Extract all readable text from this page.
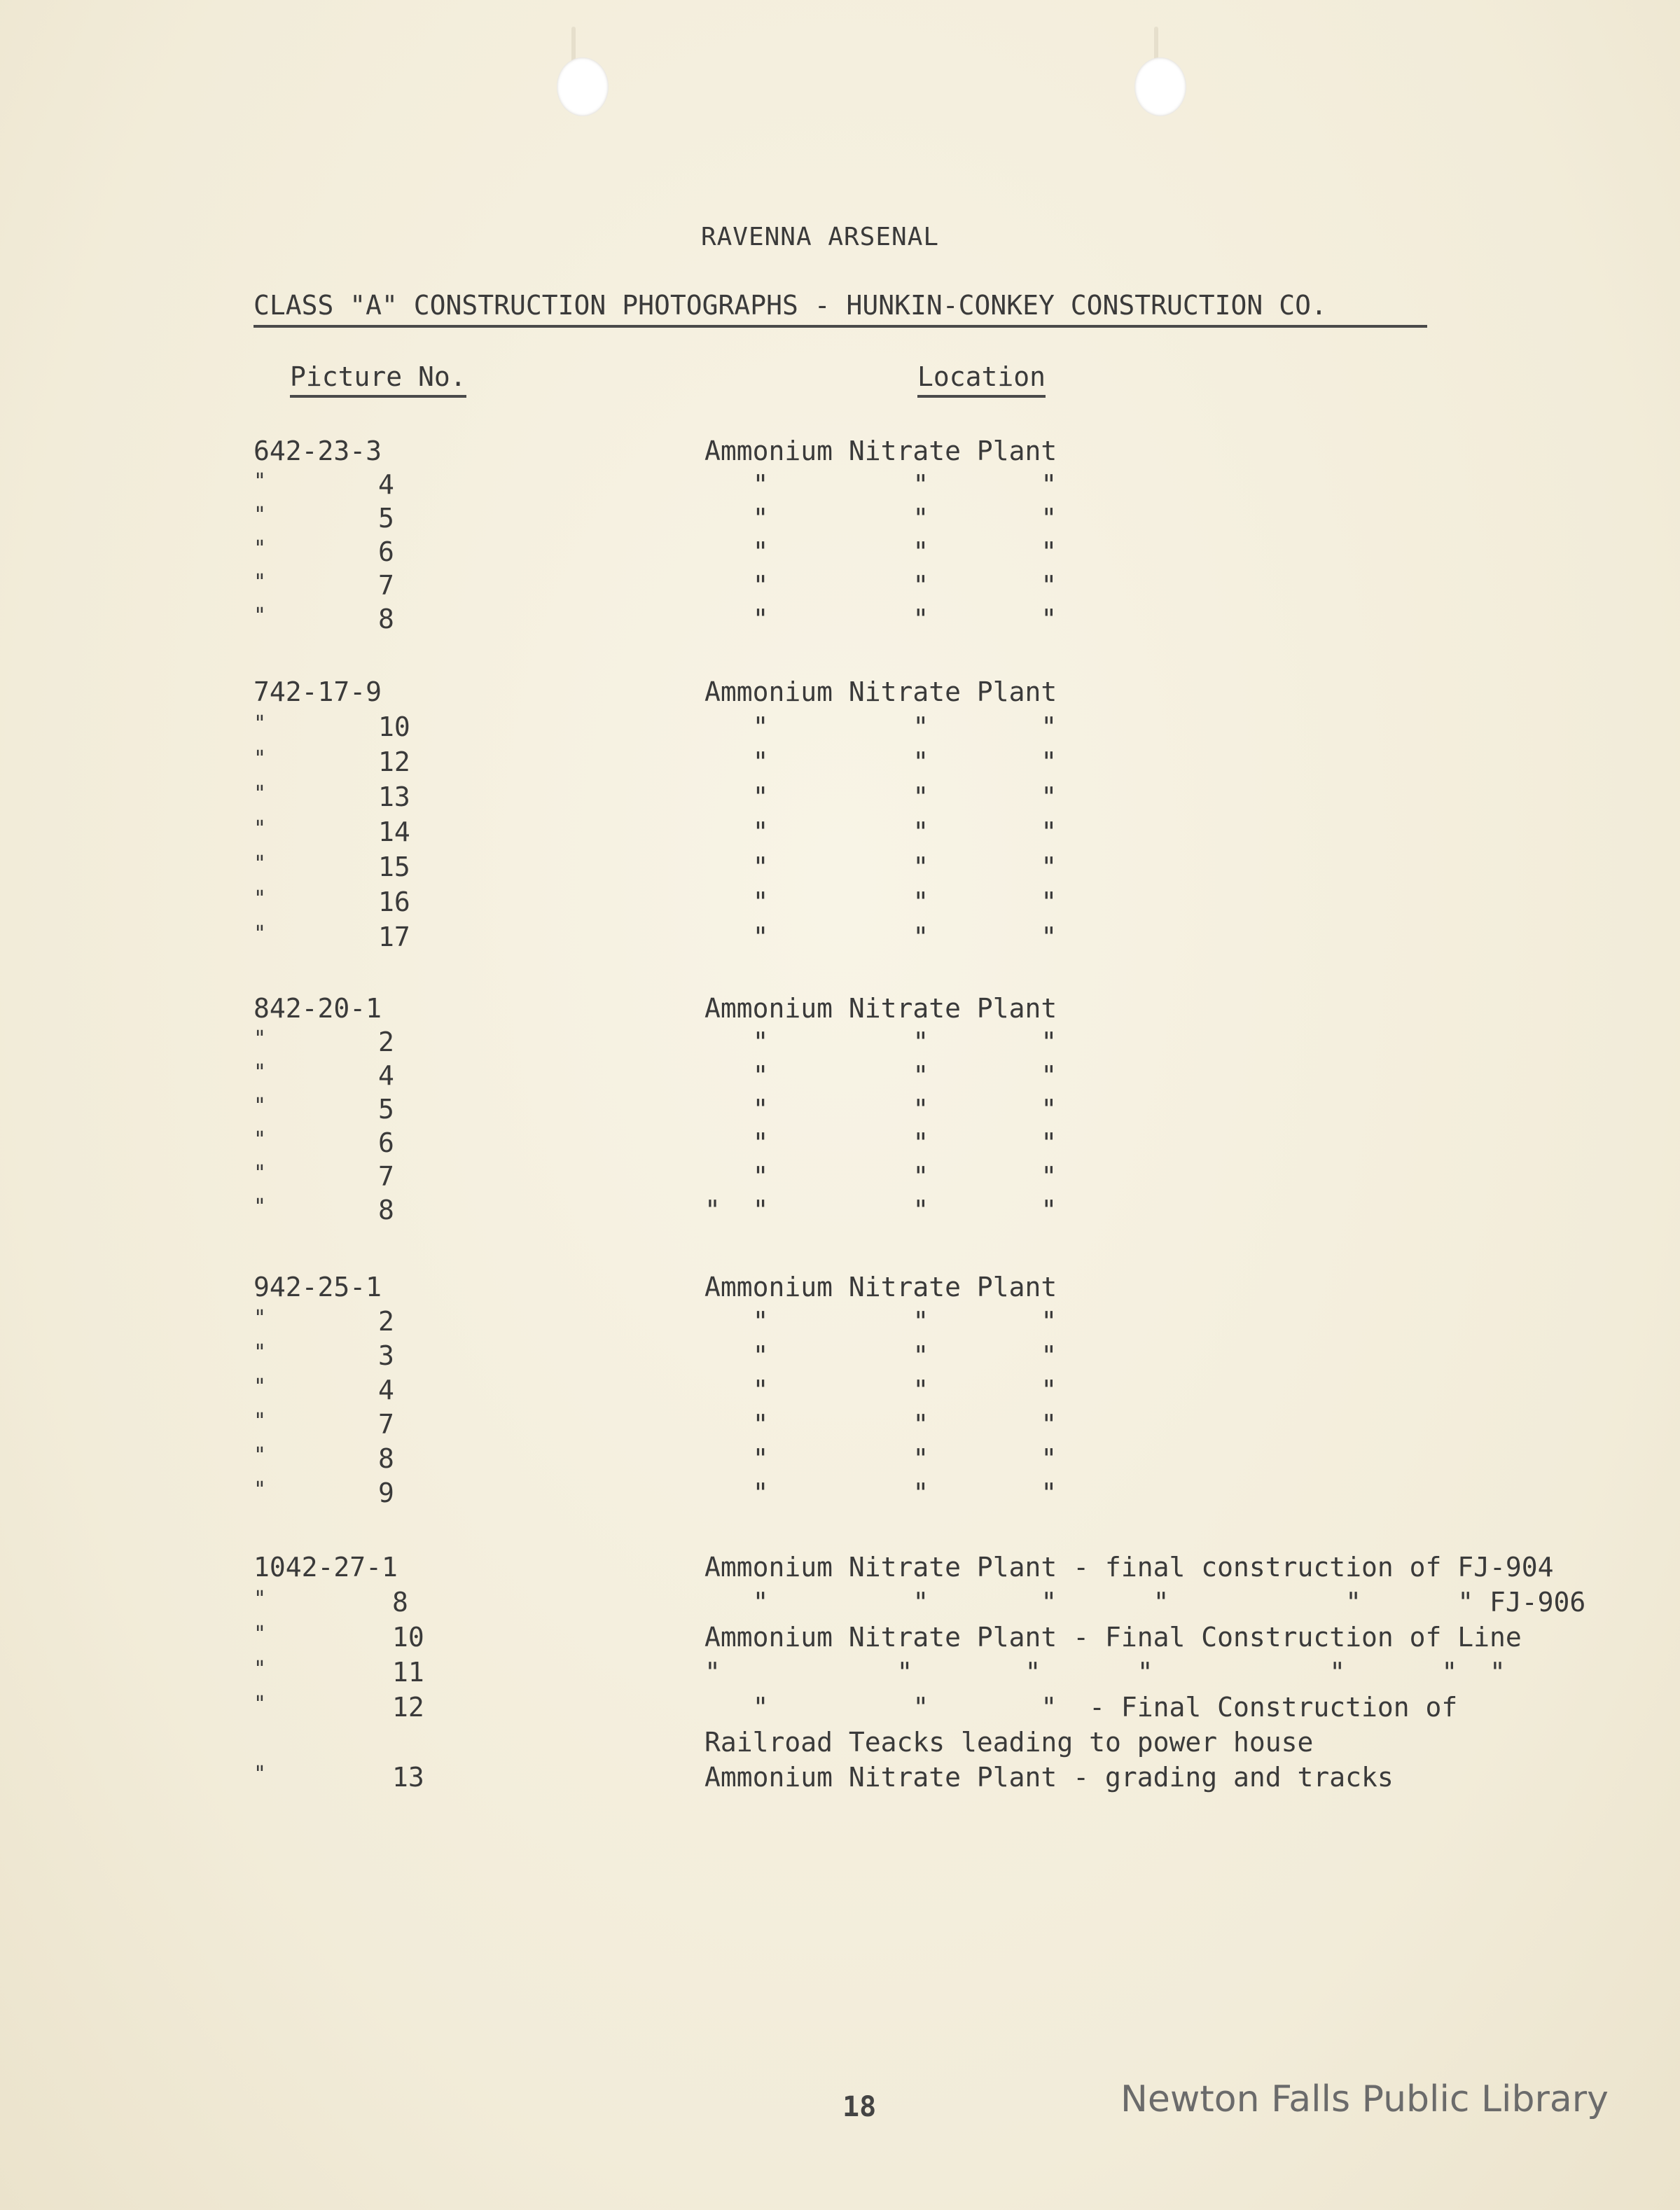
RAVENNA ARSENAL
CLASS "A" CONSTRUCTION PHOTOGRAPHS - HUNKIN-CONKEY CONSTRUCTION CO.
Picture No.	Location
642-23-3	Ammonium Nitrate Plant
"	4	"         "       "
"	5	"         "       "
"	6	"         "       "
"	7	"         "       "
"	8	"         "       "
742-17-9	Ammonium Nitrate Plant
"	10	"         "       "
"	12	"         "       "
"	13	"         "       "
"	14	"         "       "
"	15	"         "       "
"	16	"         "       "
"	17	"         "       "
842-20-1	Ammonium Nitrate Plant
"	2	"         "       "
"	4	"         "       "
"	5	"         "       "
"	6	"         "       "
"	7	"         "       "
"	8	"  "         "       "
942-25-1	Ammonium Nitrate Plant
"	2	"         "       "
"	3	"         "       "
"	4	"         "       "
"	7	"         "       "
"	8	"         "       "
"	9	"         "       "
1042-27-1	Ammonium Nitrate Plant - final construction of FJ-904
"	8	"         "       "      "           "      " FJ-906
"	10	Ammonium Nitrate Plant - Final Construction of Line
"	11	"           "       "      "           "      "  "
"	12	"         "       "  - Final Construction of
Railroad Teacks leading to power house
"	13	Ammonium Nitrate Plant - grading and tracks
18	Newton Falls Public Library
